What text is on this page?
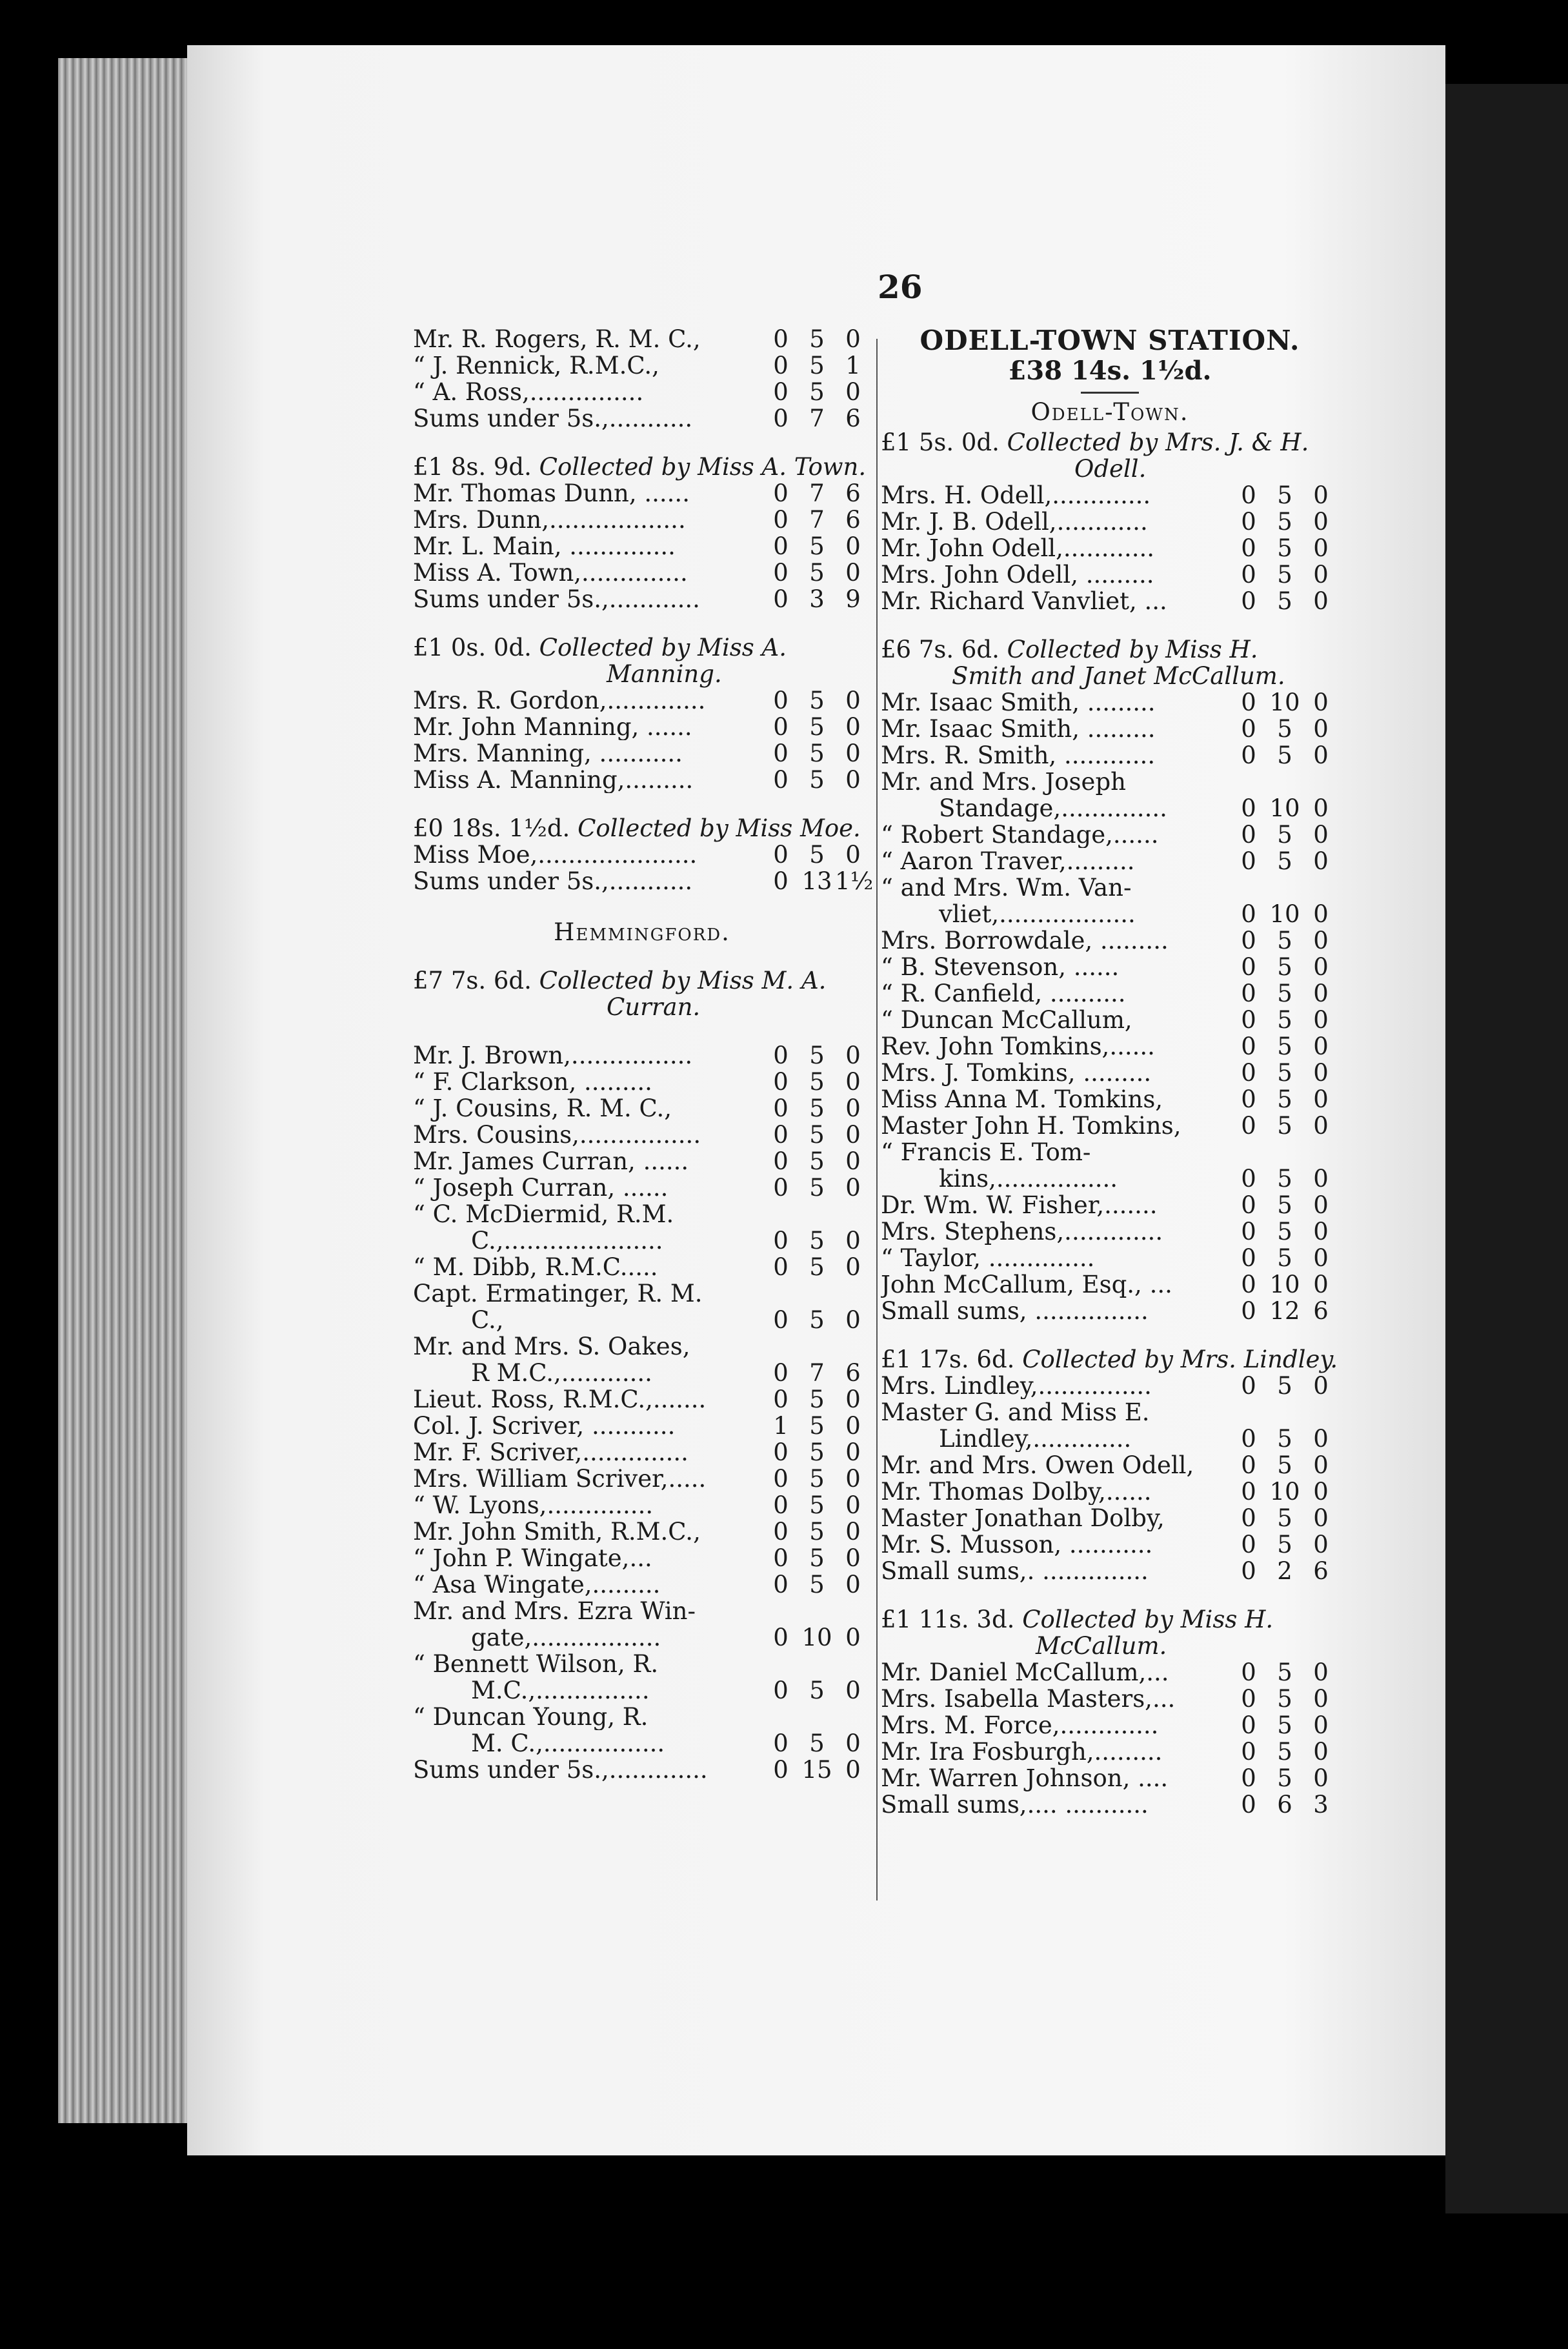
26
Mr. R. Rogers, R. M. C.,	0 5 0
“ J. Rennick, R.M.C.,	0 5 1
“ A. Ross,...............	0 5 0
Sums under 5s.,...........	0 7 6
£1 8s. 9d. Collected by Miss A. Town.
Mr. Thomas Dunn, ......	0 7 6
Mrs. Dunn,..................	0 7 6
Mr. L. Main, ..............	0 5 0
Miss A. Town,..............	0 5 0
Sums under 5s.,............	0 3 9
£1 0s. 0d. Collected by Miss A.
Manning.
Mrs. R. Gordon,.............	0 5 0
Mr. John Manning, ......	0 5 0
Mrs. Manning, ...........	0 5 0
Miss A. Manning,.........	0 5 0
£0 18s. 1½d. Collected by Miss Moe.
Miss Moe,.....................	0 5 0
Sums under 5s.,...........	0 13 1½
Hemmingford.
£7 7s. 6d. Collected by Miss M. A.
Curran.
Mr. J. Brown,................	0 5 0
“ F. Clarkson, .........	0 5 0
“ J. Cousins, R. M. C.,	0 5 0
Mrs. Cousins,................	0 5 0
Mr. James Curran, ......	0 5 0
“ Joseph Curran, ......	0 5 0
“ C. McDiermid, R.M.
C.,.....................	0 5 0
“ M. Dibb, R.M.C.....	0 5 0
Capt. Ermatinger, R. M.
C.,	0 5 0
Mr. and Mrs. S. Oakes,
R M.C.,............	0 7 6
Lieut. Ross, R.M.C.,.......	0 5 0
Col. J. Scriver, ...........	1 5 0
Mr. F. Scriver,..............	0 5 0
Mrs. William Scriver,.....	0 5 0
“ W. Lyons,..............	0 5 0
Mr. John Smith, R.M.C.,	0 5 0
“ John P. Wingate,...	0 5 0
“ Asa Wingate,.........	0 5 0
Mr. and Mrs. Ezra Win-
gate,.................	0 10 0
“ Bennett Wilson, R.
M.C.,...............	0 5 0
“ Duncan Young, R.
M. C.,................	0 5 0
Sums under 5s.,.............	0 15 0
ODELL-TOWN STATION.
£38 14s. 1½d.
Odell-Town.
£1 5s. 0d. Collected by Mrs. J. & H.
Odell.
Mrs. H. Odell,.............	0 5 0
Mr. J. B. Odell,............	0 5 0
Mr. John Odell,............	0 5 0
Mrs. John Odell, .........	0 5 0
Mr. Richard Vanvliet, ...	0 5 0
£6 7s. 6d. Collected by Miss H.
Smith and Janet McCallum.
Mr. Isaac Smith, .........	0 10 0
Mr. Isaac Smith, .........	0 5 0
Mrs. R. Smith, ............	0 5 0
Mr. and Mrs. Joseph
Standage,..............	0 10 0
“ Robert Standage,......	0 5 0
“ Aaron Traver,.........	0 5 0
“ and Mrs. Wm. Van-
vliet,..................	0 10 0
Mrs. Borrowdale, .........	0 5 0
“ B. Stevenson, ......	0 5 0
“ R. Canfield, ..........	0 5 0
“ Duncan McCallum,	0 5 0
Rev. John Tomkins,......	0 5 0
Mrs. J. Tomkins, .........	0 5 0
Miss Anna M. Tomkins,	0 5 0
Master John H. Tomkins,	0 5 0
“ Francis E. Tom-
kins,................	0 5 0
Dr. Wm. W. Fisher,.......	0 5 0
Mrs. Stephens,.............	0 5 0
“ Taylor, ..............	0 5 0
John McCallum, Esq., ...	0 10 0
Small sums, ...............	0 12 6
£1 17s. 6d. Collected by Mrs. Lindley.
Mrs. Lindley,...............	0 5 0
Master G. and Miss E.
Lindley,.............	0 5 0
Mr. and Mrs. Owen Odell,	0 5 0
Mr. Thomas Dolby,......	0 10 0
Master Jonathan Dolby,	0 5 0
Mr. S. Musson, ...........	0 5 0
Small sums,. ..............	0 2 6
£1 11s. 3d. Collected by Miss H.
McCallum.
Mr. Daniel McCallum,...	0 5 0
Mrs. Isabella Masters,...	0 5 0
Mrs. M. Force,.............	0 5 0
Mr. Ira Fosburgh,.........	0 5 0
Mr. Warren Johnson, ....	0 5 0
Small sums,.... ...........	0 6 3
